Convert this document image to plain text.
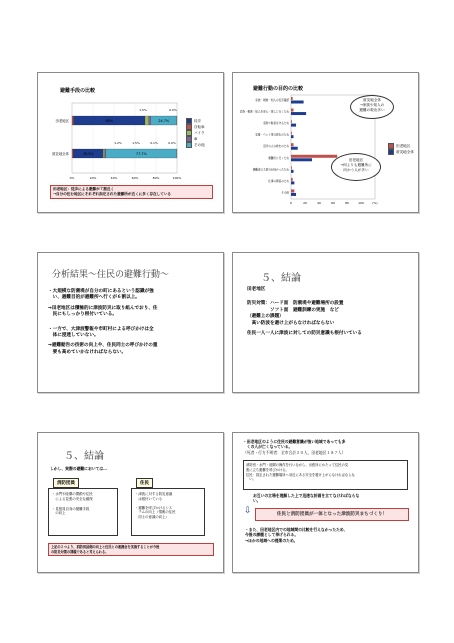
避難手段の比較
0%	20%	40%	60%	80%	100%
田老地区	68%	24.7%
被災地全体	28.5%	77.7%
1.5%	0.0%
1.2%	1.5%	0.1%	0.0%
徒歩
自転車
バイク
車
その他
田老地区：徒歩による避難が７割近く
→自分の住む地区にそれぞれ指定された避難所が近くに多く存在している
避難行動の目的の比較
0	20	40	60	80	100	(%)
家族・親族・知人の安否確認
家族・親族・知人を迎え・探しに行くため
家財や財産を守るため
家畜・ペット等の救出のため
近所の人の救出のため
避難所に行くため
避難者の大部分が向かったため
仕事の関係のため
その他
田老地区
被災地全体
被災地全体
→家族や知人の
避難の救出多い
田老地区
→何よりも避難所に
向かう人が多い
分析結果～住民の避難行動～
・大規模な防潮堤が自分の町にあるという認識が強
　い、避難目的が避難所へ行くが６割以上。
→田老地区は積極的に津波防災に取り組んでおり、住
　民にもしっかり根付いている。
・一方で、大津波警報や市町村による呼びかけは全
　体に浸透していない。
→避難勧告の技術の向上や、住民同士の呼びかけの重
　要も高めていかなければならない。
５、結論
田老地区
防災対策：ハード面　防潮堤や避難場所の設置
　　　　　ソフト面　避難訓練の実施　など
（避難上の課題）
　高い防波を避け上がらなければならない
住民一人一人に津波に対しての防災意識も根付いている
５、結論
しかし、実際の避難においては…
消防団員	住民
・水門や陸閘の閉鎖や住民
　による見張の安全な確保
・見張員自身の避難手段
　の向上
・津波に対する防災意識
　は根付いている
・避難を呼びかけるシス
　テムの向上（情報の住民
　同士の意識の向上）
上記の２つより、消防団員側の向上と住民との連携会を実施することが今後
の防災対策の課題であると考えられる。
・田老地区のように住民の避難意識が強い地域であっても多
　くの人が亡くなっている。
（死者・行方不明者：全市合計２０人，田老地区１８７人）
消防団・水門・陸閘の操作を行いながら、出張所にわたって住民の見
張に立ち避難を呼びかける。
住民：指定された避難場所へ身近にある安全を避け上がらなければならな
　い。
お互いの立場を理解した上で迅速な計画を立てなければならな
い。
⇩	住民と消防団員が一体となった津波防災まちづくり！
・また、田老地区内での地域間の比較を行えなかったため、
今後の課題として挙げられる。
→ほかの地域への提案のため。
